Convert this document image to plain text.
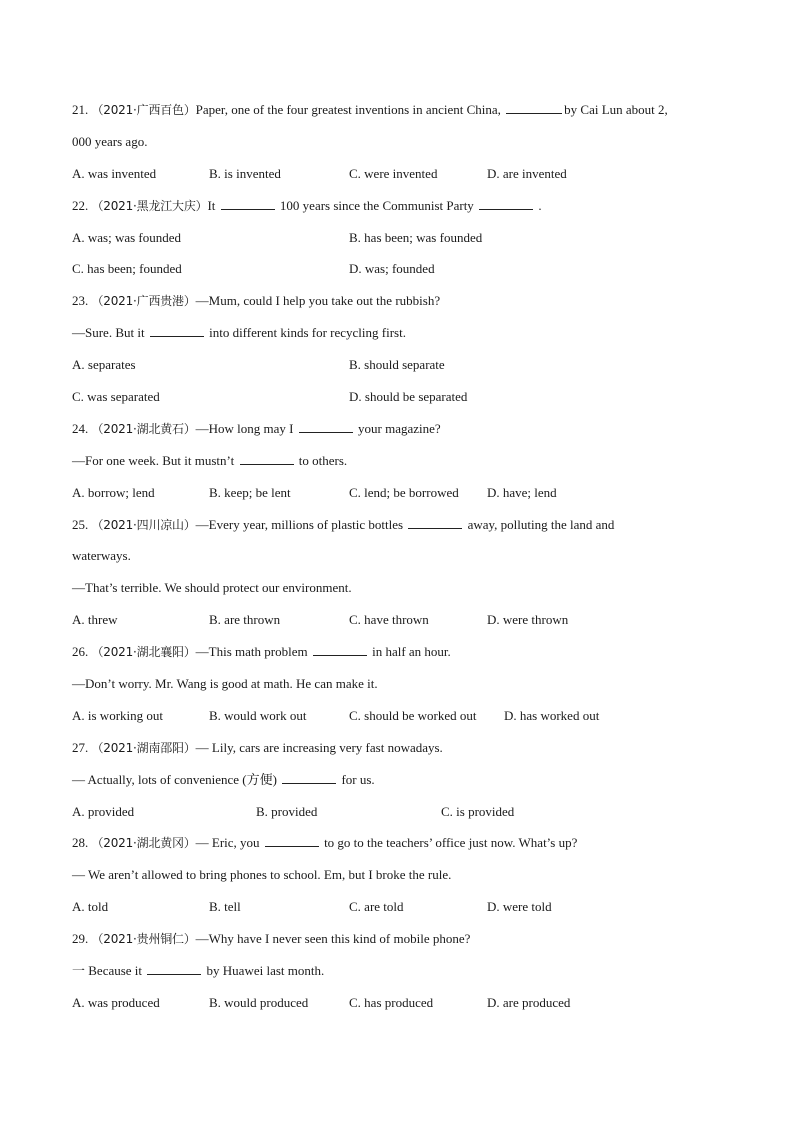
21. （2021·广西百色）Paper, one of the four greatest inventions in ancient China,	by Cai Lun about 2,
000 years ago.
A. was invented	B. is invented	C. were invented	D. are invented
22. （2021·黑龙江大庆）It	100 years since the Communist Party	.
A. was; was founded	B. has been; was founded
C. has been; founded	D. was; founded
23. （2021·广西贵港）—Mum, could I help you take out the rubbish?
—Sure. But it	into different kinds for recycling first.
A. separates	B. should separate
C. was separated	D. should be separated
24. （2021·湖北黄石）—How long may I	your magazine?
—For one week. But it mustn’t	to others.
A. borrow; lend	B. keep; be lent	C. lend; be borrowed D. have; lend
25. （2021·四川凉山）—Every year, millions of plastic bottles	away, polluting the land and
waterways.
—That’s terrible. We should protect our environment.
A. threw	B. are thrown	C. have thrown	D. were thrown
26. （2021·湖北襄阳）—This math problem	in half an hour.
—Don’t worry. Mr. Wang is good at math. He can make it.
A. is working out	B. would work out	C. should be worked out D. has worked out
27. （2021·湖南邵阳）— Lily, cars are increasing very fast nowadays.
— Actually, lots of convenience (方便)	for us.
A. provided	B. provided	C. is provided
28. （2021·湖北黄冈）— Eric, you	to go to the teachers’ office just now. What’s up?
— We aren’t allowed to bring phones to school. Em, but I broke the rule.
A. told	B. tell	C. are told	D. were told
29. （2021·贵州铜仁）—Why have I never seen this kind of mobile phone?
一 Because it	by Huawei last month.
A. was produced	B. would produced	C. has produced	D. are produced
